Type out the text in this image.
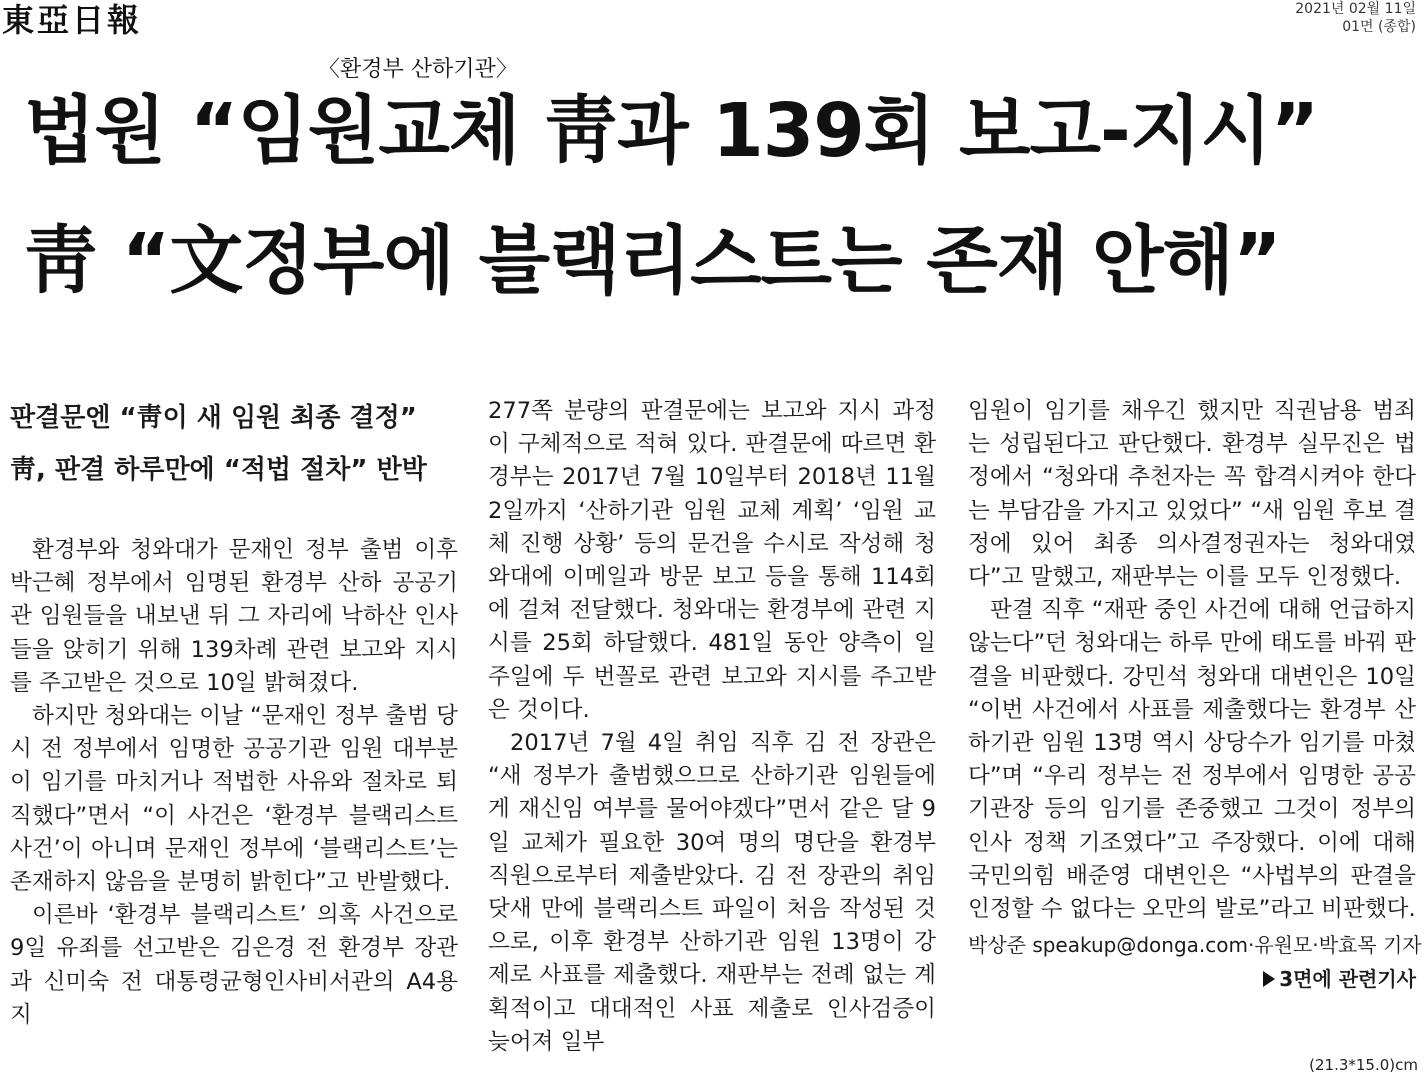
東亞日報	2021년 02월 11일
01면 (종합)
〈환경부 산하기관〉
법원 “임원교체 靑과 139회 보고-지시”
靑 “文정부에 블랙리스트는 존재 안해”

판결문엔 “靑이 새 임원 최종 결정”

靑, 판결 하루만에 “적법 절차” 반박

환경부와 청와대가 문재인 정부 출범 이후 박근혜 정부에서 임명된 환경부 산하 공공기관 임원들을 내보낸 뒤 그 자리에 낙하산 인사들을 앉히기 위해 139차례 관련 보고와 지시를 주고받은 것으로 10일 밝혀졌다.

하지만 청와대는 이날 “문재인 정부 출범 당시 전 정부에서 임명한 공공기관 임원 대부분이 임기를 마치거나 적법한 사유와 절차로 퇴직했다”면서 “이 사건은 ‘환경부 블랙리스트 사건’이 아니며 문재인 정부에 ‘블랙리스트’는 존재하지 않음을 분명히 밝힌다”고 반발했다.

이른바 ‘환경부 블랙리스트’ 의혹 사건으로 9일 유죄를 선고받은 김은경 전 환경부 장관과 신미숙 전 대통령균형인사비서관의 A4용지

277쪽 분량의 판결문에는 보고와 지시 과정이 구체적으로 적혀 있다. 판결문에 따르면 환경부는 2017년 7월 10일부터 2018년 11월 2일까지 ‘산하기관 임원 교체 계획’ ‘임원 교체 진행 상황’ 등의 문건을 수시로 작성해 청와대에 이메일과 방문 보고 등을 통해 114회에 걸쳐 전달했다. 청와대는 환경부에 관련 지시를 25회 하달했다. 481일 동안 양측이 일주일에 두 번꼴로 관련 보고와 지시를 주고받은 것이다.

2017년 7월 4일 취임 직후 김 전 장관은 “새 정부가 출범했으므로 산하기관 임원들에게 재신임 여부를 물어야겠다”면서 같은 달 9일 교체가 필요한 30여 명의 명단을 환경부 직원으로부터 제출받았다. 김 전 장관의 취임 닷새 만에 블랙리스트 파일이 처음 작성된 것으로, 이후 환경부 산하기관 임원 13명이 강제로 사표를 제출했다. 재판부는 전례 없는 계획적이고 대대적인 사표 제출로 인사검증이 늦어져 일부

임원이 임기를 채우긴 했지만 직권남용 범죄는 성립된다고 판단했다. 환경부 실무진은 법정에서 “청와대 추천자는 꼭 합격시켜야 한다는 부담감을 가지고 있었다” “새 임원 후보 결정에 있어 최종 의사결정권자는 청와대였다”고 말했고, 재판부는 이를 모두 인정했다.

판결 직후 “재판 중인 사건에 대해 언급하지 않는다”던 청와대는 하루 만에 태도를 바꿔 판결을 비판했다. 강민석 청와대 대변인은 10일 “이번 사건에서 사표를 제출했다는 환경부 산하기관 임원 13명 역시 상당수가 임기를 마쳤다”며 “우리 정부는 전 정부에서 임명한 공공기관장 등의 임기를 존중했고 그것이 정부의 인사 정책 기조였다”고 주장했다. 이에 대해 국민의힘 배준영 대변인은 “사법부의 판결을 인정할 수 없다는 오만의 발로”라고 비판했다.

박상준 speakup@donga.com·유원모·박효목 기자
3면에 관련기사
(21.3*15.0)cm
